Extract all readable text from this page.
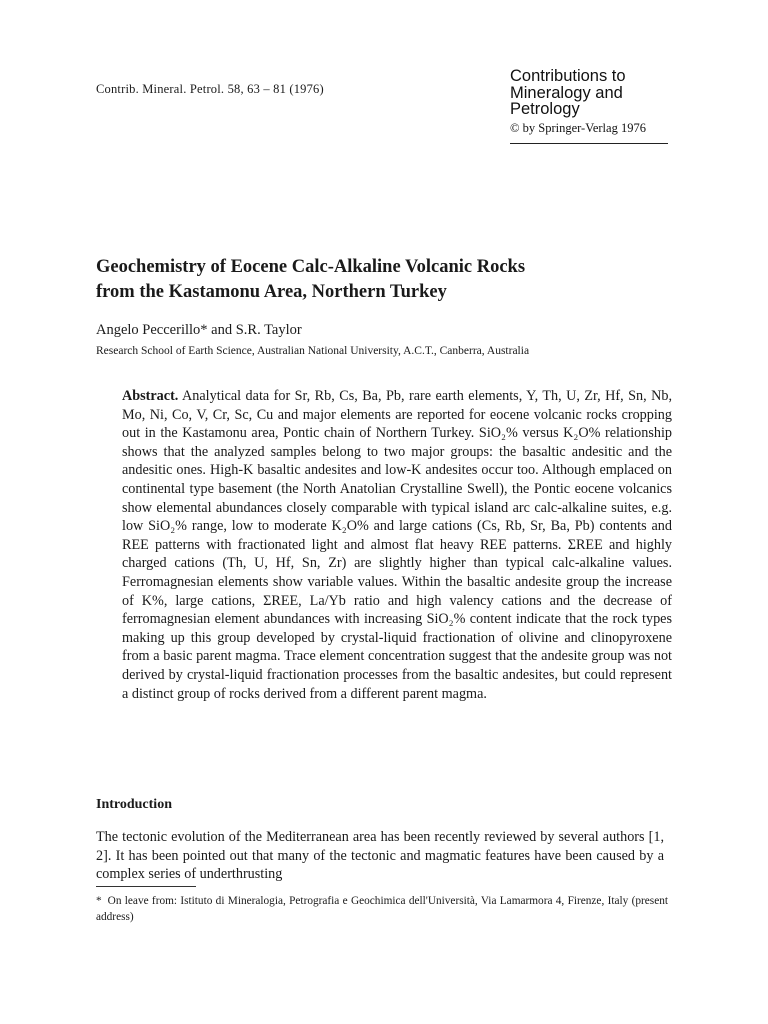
Contrib. Mineral. Petrol. 58, 63 – 81 (1976)
Contributions to
Mineralogy and
Petrology
© by Springer-Verlag 1976
Geochemistry of Eocene Calc-Alkaline Volcanic Rocks
from the Kastamonu Area, Northern Turkey
Angelo Peccerillo* and S.R. Taylor
Research School of Earth Science, Australian National University, A.C.T., Canberra, Australia

Abstract. Analytical data for Sr, Rb, Cs, Ba, Pb, rare earth elements, Y, Th, U, Zr, Hf, Sn, Nb, Mo, Ni, Co, V, Cr, Sc, Cu and major elements are reported for eocene volcanic rocks cropping out in the Kastamonu area, Pontic chain of Northern Turkey. SiO₂% versus K₂O% relationship shows that the analyzed samples belong to two major groups: the basaltic andesitic and the andesitic ones. High-K basaltic andesites and low-K andesites occur too. Although emplaced on continental type basement (the North Anatolian Crystalline Swell), the Pontic eocene volcanics show elemental abundances closely comparable with typical island arc calc-alkaline suites, e.g. low SiO₂% range, low to moderate K₂O% and large cations (Cs, Rb, Sr, Ba, Pb) contents and REE patterns with fractionated light and almost flat heavy REE patterns. ΣREE and highly charged cations (Th, U, Hf, Sn, Zr) are slightly higher than typical calc-alkaline values. Ferromagnesian elements show variable values. Within the basaltic andesite group the increase of K%, large cations, ΣREE, La/Yb ratio and high valency cations and the decrease of ferromagnesian element abundances with increasing SiO₂% content indicate that the rock types making up this group developed by crystal-liquid fractionation of olivine and clinopyroxene from a basic parent magma. Trace element concentration suggest that the andesite group was not derived by crystal-liquid fractionation processes from the basaltic andesites, but could represent a distinct group of rocks derived from a different parent magma.

Introduction

The tectonic evolution of the Mediterranean area has been recently reviewed by several authors [1, 2]. It has been pointed out that many of the tectonic and magmatic features have been caused by a complex series of underthrusting

* On leave from: Istituto di Mineralogia, Petrografia e Geochimica dell'Università, Via Lamarmora 4, Firenze, Italy (present address)
